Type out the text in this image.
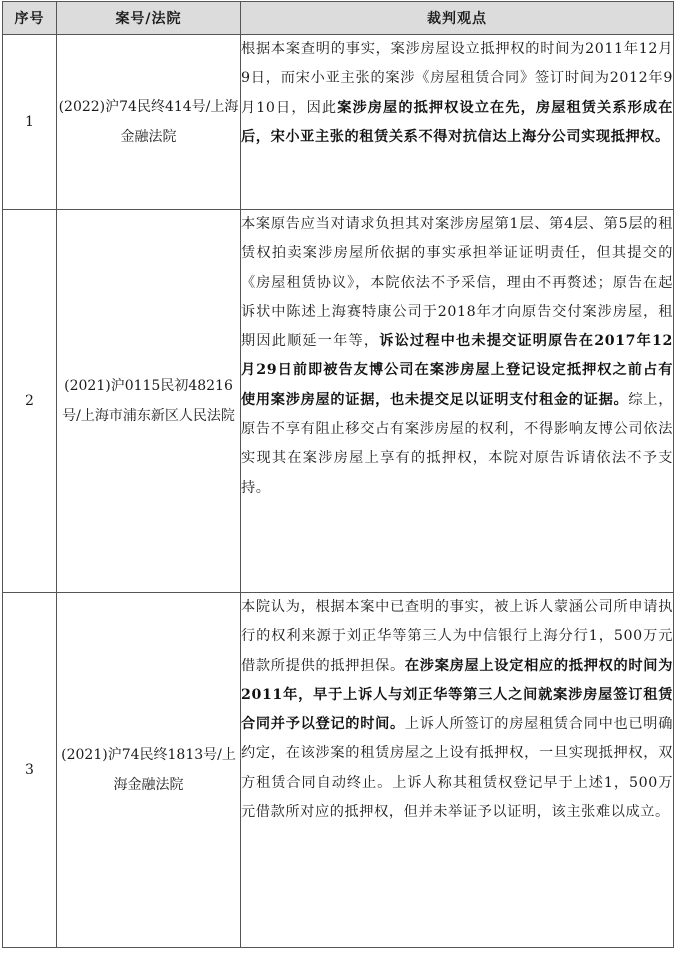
序号	案号/法院	裁判观点
1	(2022)沪74民终414号/上海金融法院	根据本案查明的事实，案涉房屋设立抵押权的时间为2011年12月9日，而宋小亚主张的案涉《房屋租赁合同》签订时间为2012年9月10日，因此案涉房屋的抵押权设立在先，房屋租赁关系形成在后，宋小亚主张的租赁关系不得对抗信达上海分公司实现抵押权。
2	(2021)沪0115民初48216号/上海市浦东新区人民法院	本案原告应当对请求负担其对案涉房屋第1层、第4层、第5层的租赁权拍卖案涉房屋所依据的事实承担举证证明责任，但其提交的《房屋租赁协议》，本院依法不予采信，理由不再赘述；原告在起诉状中陈述上海赛特康公司于2018年才向原告交付案涉房屋，租期因此顺延一年等，诉讼过程中也未提交证明原告在2017年12月29日前即被告友博公司在案涉房屋上登记设定抵押权之前占有使用案涉房屋的证据，也未提交足以证明支付租金的证据。综上，原告不享有阻止移交占有案涉房屋的权利，不得影响友博公司依法实现其在案涉房屋上享有的抵押权，本院对原告诉请依法不予支持。
3	(2021)沪74民终1813号/上海金融法院	本院认为，根据本案中已查明的事实，被上诉人蒙涵公司所申请执行的权利来源于刘正华等第三人为中信银行上海分行1，500万元借款所提供的抵押担保。在涉案房屋上设定相应的抵押权的时间为2011年，早于上诉人与刘正华等第三人之间就案涉房屋签订租赁合同并予以登记的时间。上诉人所签订的房屋租赁合同中也已明确约定，在该涉案的租赁房屋之上设有抵押权，一旦实现抵押权，双方租赁合同自动终止。上诉人称其租赁权登记早于上述1，500万元借款所对应的抵押权，但并未举证予以证明，该主张难以成立。
